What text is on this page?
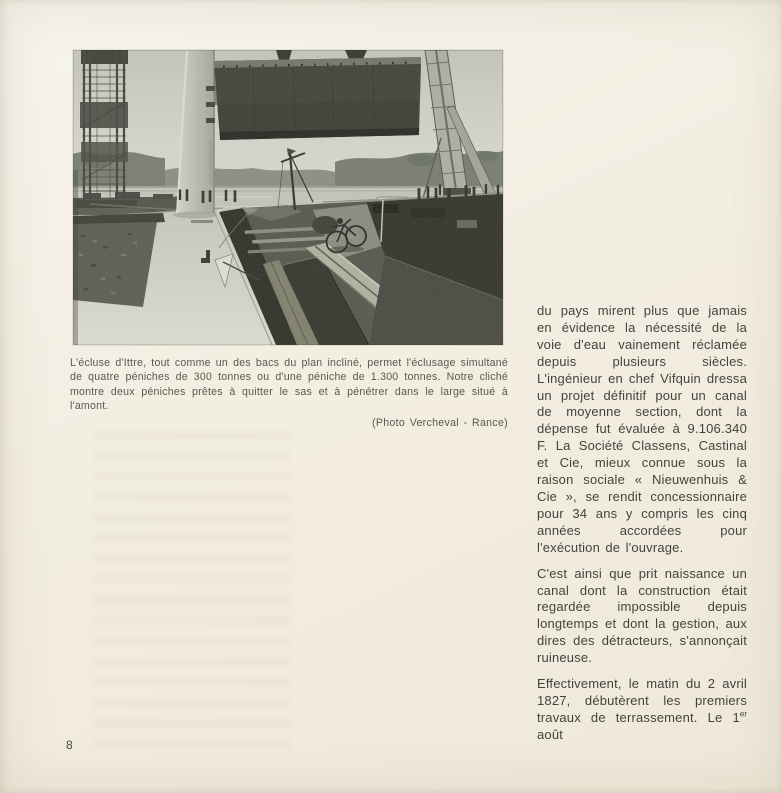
L'écluse d'Ittre, tout comme un des bacs du plan incliné, permet l'éclusage simultané de quatre péniches de 300 tonnes ou d'une péniche de 1.300 tonnes. Notre cliché montre deux péniches prêtes à quitter le sas et à pénétrer dans le large situé à l'amont.
(Photo Vercheval - Rance)

du pays mirent plus que jamais en évidence la nécessité de la voie d'eau vainement réclamée depuis plusieurs siècles. L'ingénieur en chef Vifquin dressa un projet définitif pour un canal de moyenne section, dont la dépense fut évaluée à 9.106.340 F. La Société Classens, Castinal et Cie, mieux connue sous la raison sociale « Nieuwenhuis & Cie », se rendit concessionnaire pour 34 ans y compris les cinq années accordées pour l'exécution de l'ouvrage.

C'est ainsi que prit naissance un canal dont la construction était regardée impossible depuis longtemps et dont la gestion, aux dires des détracteurs, s'annonçait ruineuse.

Effectivement, le matin du 2 avril 1827, débutèrent les premiers travaux de terrassement. Le 1er août

8
